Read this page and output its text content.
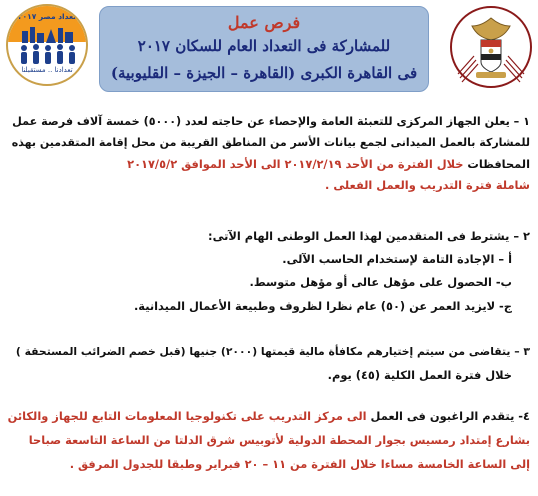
تعداد مصر ٢٠١٧
تعدادنا .. مستقبلنا
فرص عمل
للمشاركة فى التعداد العام للسكان ٢٠١٧
فى القاهرة الكبرى (القاهرة – الجيزة – القليوبية)
١ – يعلن الجهاز المركزى للتعبئة العامة والإحصاء عن حاجته لعدد (٥٠٠٠) خمسة آلاف فرصة عمل
للمشاركة بالعمل الميدانى لجمع بيانات الأسر من المناطق القريبة من محل إقامة المتقدمين بهذه
المحافظات خلال الفترة من الأحد ٢٠١٧/٢/١٩ الى الأحد الموافق ٢٠١٧/٥/٢
شاملة فترة التدريب والعمل الفعلى .
٢ – يشترط فى المتقدمين لهذا العمل الوطنى الهام الآتى:
أ – الإجادة التامة لإستخدام الحاسب الآلى.
ب- الحصول على مؤهل عالى أو مؤهل متوسط.
ج- لايزيد العمر عن (٥٠) عام نظرا لظروف وطبيعة الأعمال الميدانية.
٣ – يتقاضى من سيتم إختيارهم مكافأة مالية قيمتها (٢٠٠٠) جنيها (قبل خصم الضرائب المستحقة )
خلال فترة العمل الكلية (٤٥) يوم.
٤- يتقدم الراغبون فى العمل الى مركز التدريب على تكنولوجيا المعلومات التابع للجهاز والكائن
بشارع إمتداد رمسيس بجوار المحطة الدولية لأتوبيس شرق الدلتا من الساعة التاسعة صباحا
إلى الساعة الخامسة مساءا خلال الفترة من ١١ – ٢٠ فبراير وطبقا للجدول المرفق .
